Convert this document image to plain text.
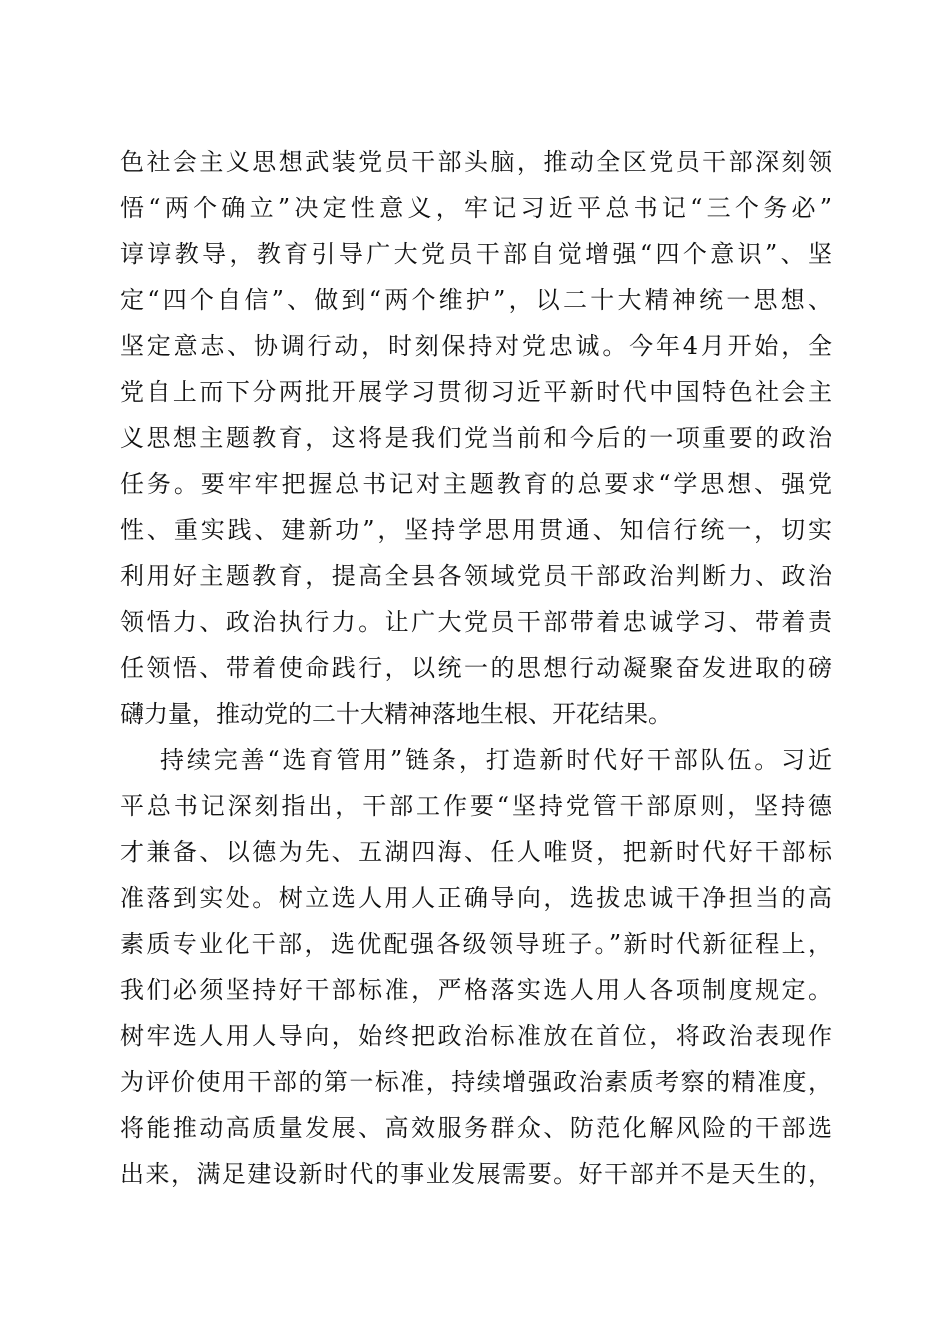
色社会主义思想武装党员干部头脑，推动全区党员干部深刻领
悟“两个确立”决定性意义，牢记习近平总书记“三个务必”
谆谆教导，教育引导广大党员干部自觉增强“四个意识”、坚
定“四个自信”、做到“两个维护”，以二十大精神统一思想、
坚定意志、协调行动，时刻保持对党忠诚。今年4月开始，全
党自上而下分两批开展学习贯彻习近平新时代中国特色社会主
义思想主题教育，这将是我们党当前和今后的一项重要的政治
任务。要牢牢把握总书记对主题教育的总要求“学思想、强党
性、重实践、建新功”，坚持学思用贯通、知信行统一，切实
利用好主题教育，提高全县各领域党员干部政治判断力、政治
领悟力、政治执行力。让广大党员干部带着忠诚学习、带着责
任领悟、带着使命践行，以统一的思想行动凝聚奋发进取的磅
礴力量，推动党的二十大精神落地生根、开花结果。
持续完善“选育管用”链条，打造新时代好干部队伍。习近
平总书记深刻指出，干部工作要“坚持党管干部原则，坚持德
才兼备、以德为先、五湖四海、任人唯贤，把新时代好干部标
准落到实处。树立选人用人正确导向，选拔忠诚干净担当的高
素质专业化干部，选优配强各级领导班子。”新时代新征程上，
我们必须坚持好干部标准，严格落实选人用人各项制度规定。
树牢选人用人导向，始终把政治标准放在首位，将政治表现作
为评价使用干部的第一标准，持续增强政治素质考察的精准度，
将能推动高质量发展、高效服务群众、防范化解风险的干部选
出来，满足建设新时代的事业发展需要。好干部并不是天生的，
